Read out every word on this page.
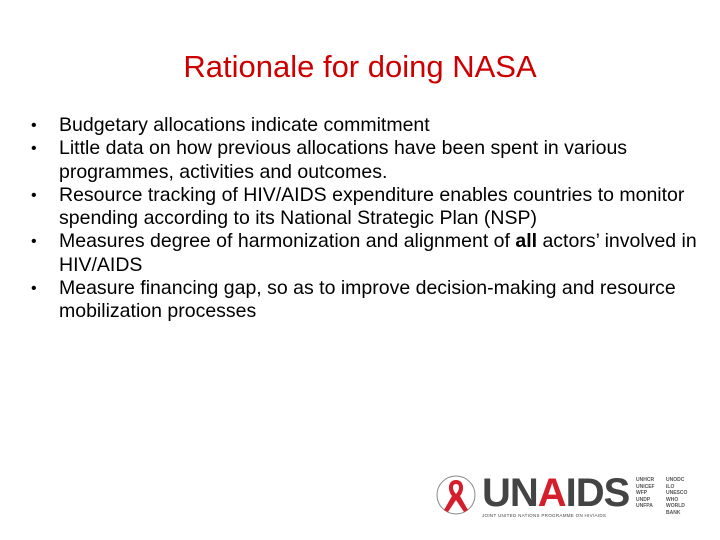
Rationale for doing NASA
• Budgetary allocations indicate commitment
• Little data on how previous allocations have been spent in various programmes, activities and outcomes.
• Resource tracking of HIV/AIDS expenditure enables countries to monitor spending according to its National Strategic Plan (NSP)
• Measures degree of harmonization and alignment of all actors’ involved in HIV/AIDS
• Measure financing gap, so as to improve decision-making and resource mobilization processes
UNAIDS
JOINT UNITED NATIONS PROGRAMME ON HIV/AIDS
UNHCR
UNICEF
WFP
UNDP
UNFPA
UNODC
ILO
UNESCO
WHO
WORLD BANK
